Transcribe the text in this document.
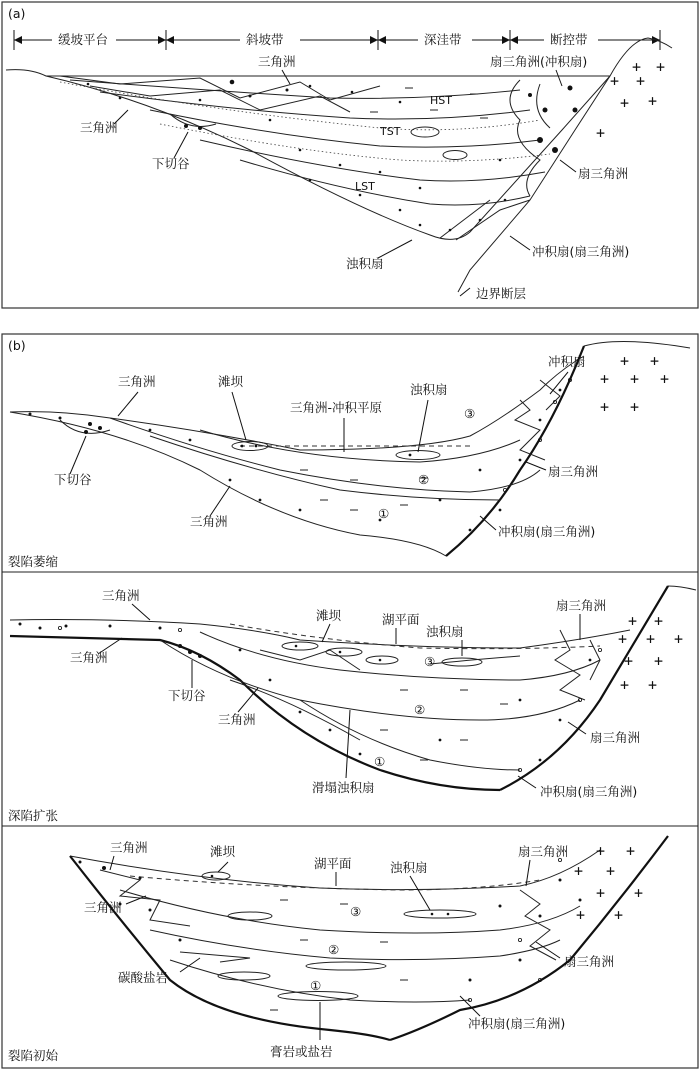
(a)
缓坡平台	斜坡带	深洼带	断控带
+ +
+ +
+ +
+
三角洲	扇三角洲(冲积扇)
HST
TST
LST
三角洲
下切谷
扇三角洲
浊积扇
冲积扇(扇三角洲)
边界断层
(b)
+ +
+ + +
+ +
冲积扇
三角洲	滩坝
三角洲-冲积平原
浊积扇
下切谷
扇三角洲
三角洲
冲积扇(扇三角洲)
③
②
①
裂陷萎缩
+ +
+ + +
+ +
+ +
三角洲
滩坝	湖平面
扇三角洲
浊积扇
三角洲
下切谷
三角洲
扇三角洲
滑塌浊积扇	冲积扇(扇三角洲)
③
②
①
深陷扩张
+ +
+ +
+ +
+ +
三角洲	滩坝
湖平面	浊积扇
扇三角洲
三角洲
碳酸盐岩
扇三角洲
冲积扇(扇三角洲)
膏岩或盐岩
③
②
①
裂陷初始
